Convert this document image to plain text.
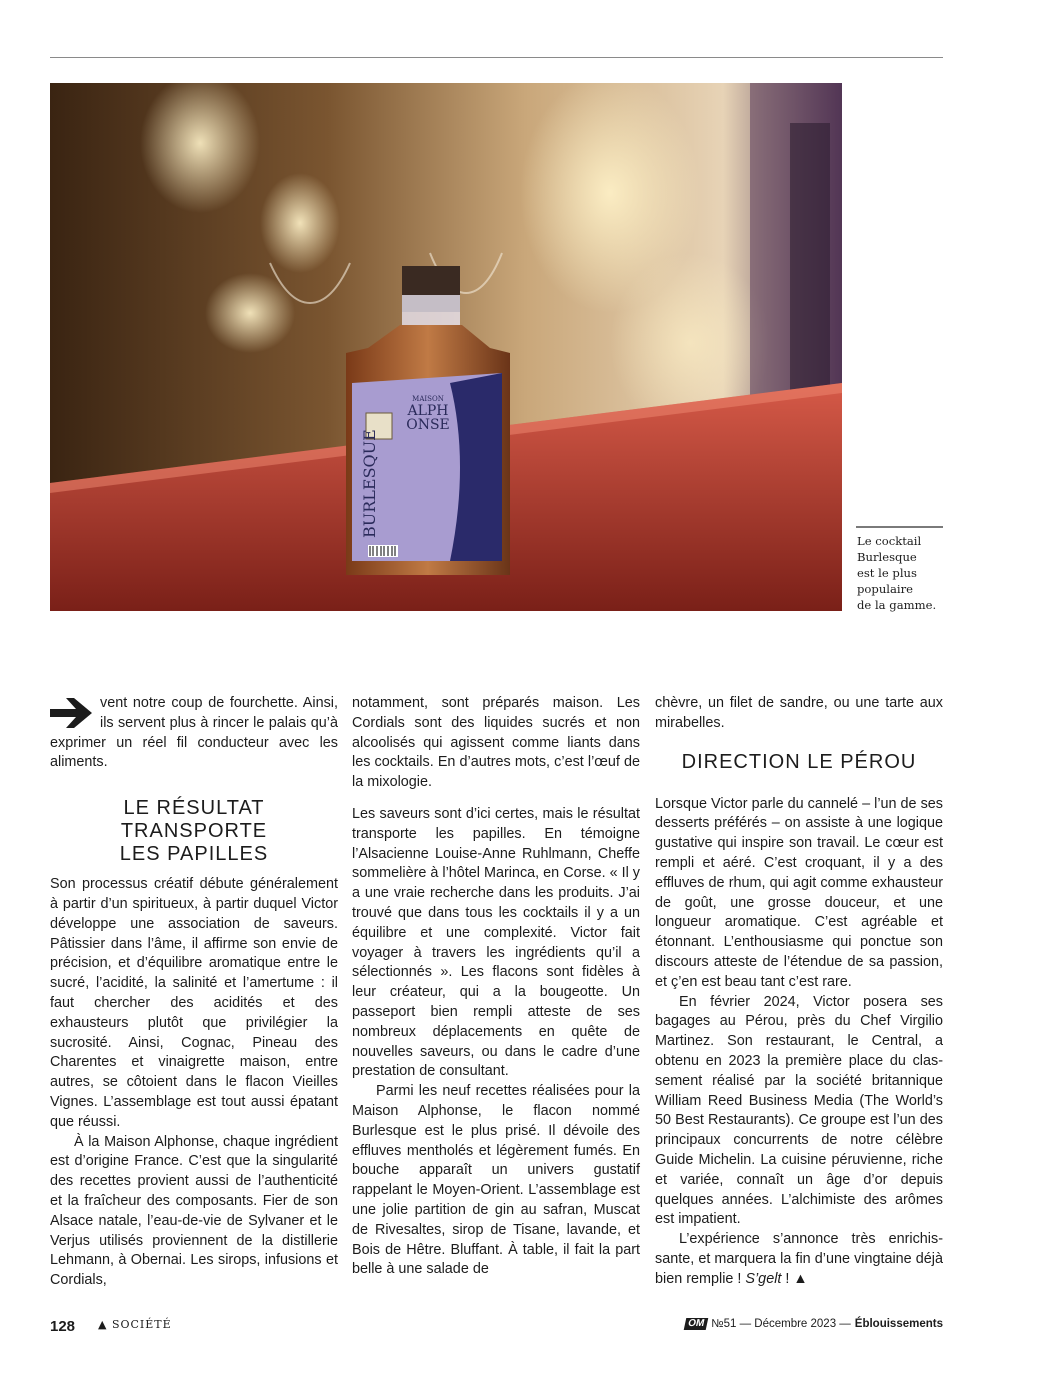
MAISON
ALPH
ONSE
BURLESQUE
Le cocktail
Burlesque
est le plus
populaire
de la gamme.

vent notre coup de fourchette. Ainsi, ils servent plus à rincer le palais qu’à exprimer un réel fil conducteur avec les aliments.

LE RÉSULTAT
TRANSPORTE
LES PAPILLES

Son processus créatif débute généralement à partir d’un spiritueux, à partir duquel Victor développe une association de saveurs. Pâtissier dans l’âme, il affirme son envie de précision, et d’équilibre aromatique entre le sucré, l’acidité, la salinité et l’amertume : il faut chercher des acidités et des exhausteurs plutôt que privilégier la sucrosité. Ainsi, Cognac, Pineau des Charentes et vinaigrette maison, entre autres, se côtoient dans le flacon Vieilles Vignes. L’assemblage est tout aussi épatant que réussi.

À la Maison Alphonse, chaque ingrédient est d’origine France. C’est que la singularité des recettes provient aussi de l’authenticité et la fraîcheur des composants. Fier de son Alsace natale, l’eau-de-vie de Sylvaner et le Verjus utilisés proviennent de la distillerie Lehmann, à Obernai. Les sirops, infusions et Cordials,

notamment, sont préparés maison. Les Cordials sont des liquides sucrés et non alcoolisés qui agissent comme liants dans les cocktails. En d’autres mots, c’est l’œuf de la mixologie.

Les saveurs sont d’ici certes, mais le résultat transporte les papilles. En témoigne l’Alsacienne Louise-Anne Ruhlmann, Cheffe sommelière à l’hôtel Marinca, en Corse. « Il y a une vraie recherche dans les produits. J’ai trouvé que dans tous les cocktails il y a un équilibre et une complexité. Victor fait voyager à travers les ingrédients qu’il a sélectionnés ». Les flacons sont fidèles à leur créateur, qui a la bougeotte. Un passeport bien rempli atteste de ses nombreux déplacements en quête de nouvelles saveurs, ou dans le cadre d’une prestation de consultant.

Parmi les neuf recettes réalisées pour la Maison Alphonse, le flacon nommé Burlesque est le plus prisé. Il dévoile des effluves mentholés et légèrement fumés. En bouche apparaît un univers gustatif rappelant le Moyen-Orient. L’assemblage est une jolie partition de gin au safran, Muscat de Rivesaltes, sirop de Tisane, lavande, et Bois de Hêtre. Bluffant. À table, il fait la part belle à une salade de

chèvre, un filet de sandre, ou une tarte aux mirabelles.

DIRECTION LE PÉROU

Lorsque Victor parle du cannelé – l’un de ses desserts préférés – on assiste à une logique gustative qui inspire son travail. Le cœur est rempli et aéré. C’est croquant, il y a des effluves de rhum, qui agit comme exhausteur de goût, une grosse douceur, et une longueur aromatique. C’est agréable et étonnant. L’enthousiasme qui ponctue son discours atteste de l’étendue de sa passion, et ç’en est beau tant c’est rare.

En février 2024, Victor posera ses bagages au Pérou, près du Chef Virgilio Martinez. Son restaurant, le Central, a obtenu en 2023 la première place du classement réalisé par la société britannique William Reed Business Media (The World’s 50 Best Restaurants). Ce groupe est l’un des principaux concurrents de notre célèbre Guide Michelin. La cuisine péruvienne, riche et variée, connaît un âge d’or depuis quelques années. L’alchimiste des arômes est impatient.

L’expérience s’annonce très enrichissante, et marquera la fin d’une vingtaine déjà bien remplie ! S’gelt ! ▲

128 ▲ SOCIÉTÉ	OM №51 — Décembre 2023 — Éblouissements
